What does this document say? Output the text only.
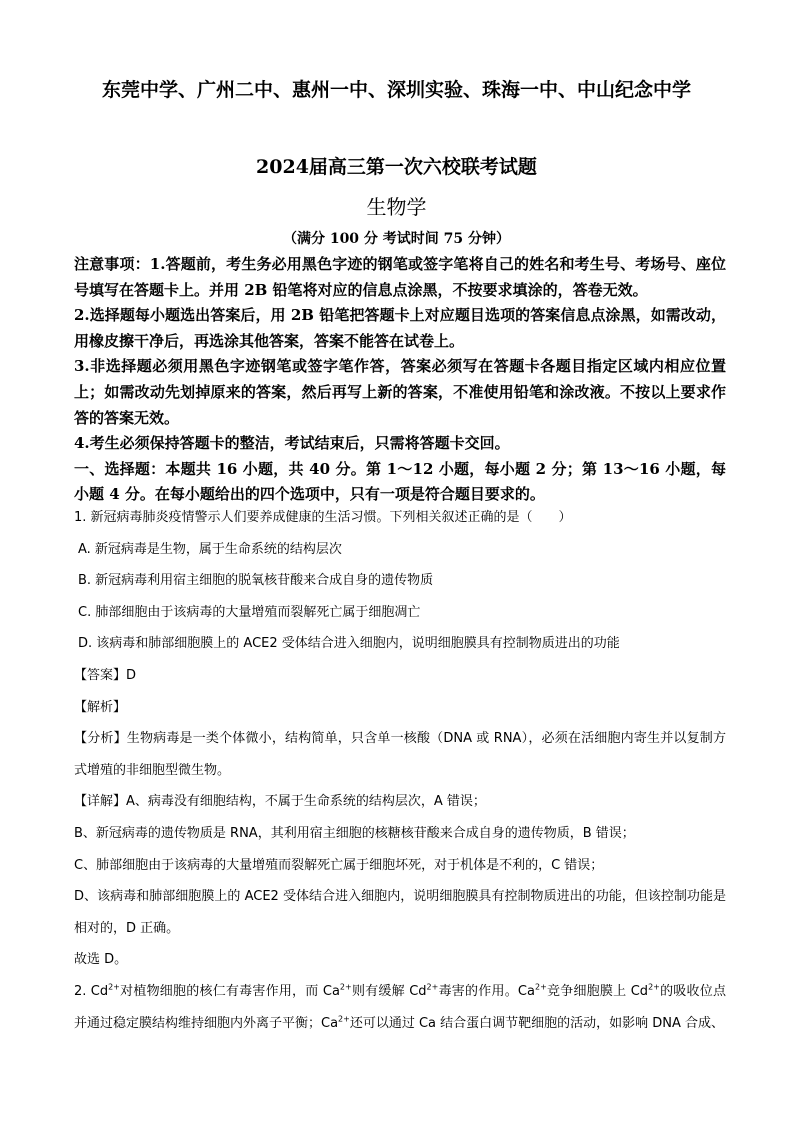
东莞中学、广州二中、惠州一中、深圳实验、珠海一中、中山纪念中学
2024届高三第一次六校联考试题
生物学
（满分 100 分 考试时间 75 分钟）

注意事项：1.答题前，考生务必用黑色字迹的钢笔或签字笔将自己的姓名和考生号、考场号、座位号填写在答题卡上。并用 2B 铅笔将对应的信息点涂黑，不按要求填涂的，答卷无效。

2.选择题每小题选出答案后，用 2B 铅笔把答题卡上对应题目选项的答案信息点涂黑，如需改动，用橡皮擦干净后，再选涂其他答案，答案不能答在试卷上。

3.非选择题必须用黑色字迹钢笔或签字笔作答，答案必须写在答题卡各题目指定区域内相应位置上；如需改动先划掉原来的答案，然后再写上新的答案，不准使用铅笔和涂改液。不按以上要求作答的答案无效。

4.考生必须保持答题卡的整洁，考试结束后，只需将答题卡交回。

一、选择题：本题共 16 小题，共 40 分。第 1～12 小题，每小题 2 分；第 13～16 小题，每小题 4 分。在每小题给出的四个选项中，只有一项是符合题目要求的。

1. 新冠病毒肺炎疫情警示人们要养成健康的生活习惯。下列相关叙述正确的是（　　）

A. 新冠病毒是生物，属于生命系统的结构层次

B. 新冠病毒利用宿主细胞的脱氧核苷酸来合成自身的遗传物质

C. 肺部细胞由于该病毒的大量增殖而裂解死亡属于细胞凋亡

D. 该病毒和肺部细胞膜上的 ACE2 受体结合进入细胞内，说明细胞膜具有控制物质进出的功能

【答案】D

【解析】

【分析】生物病毒是一类个体微小，结构简单，只含单一核酸（DNA 或 RNA），必须在活细胞内寄生并以复制方式增殖的非细胞型微生物。

【详解】A、病毒没有细胞结构，不属于生命系统的结构层次，A 错误；

B、新冠病毒的遗传物质是 RNA，其利用宿主细胞的核糖核苷酸来合成自身的遗传物质，B 错误；

C、肺部细胞由于该病毒的大量增殖而裂解死亡属于细胞坏死，对于机体是不利的，C 错误；

D、该病毒和肺部细胞膜上的 ACE2 受体结合进入细胞内，说明细胞膜具有控制物质进出的功能，但该控制功能是相对的，D 正确。

故选 D。

2. $Cd^{2+}$对植物细胞的核仁有毒害作用，而 $Ca^{2+}$则有缓解 $Cd^{2+}$毒害的作用。$Ca^{2+}$竞争细胞膜上 $Cd^{2+}$的吸收位点并通过稳定膜结构维持细胞内外离子平衡；$Ca^{2+}$还可以通过 Ca 结合蛋白调节靶细胞的活动，如影响 DNA 合成、
